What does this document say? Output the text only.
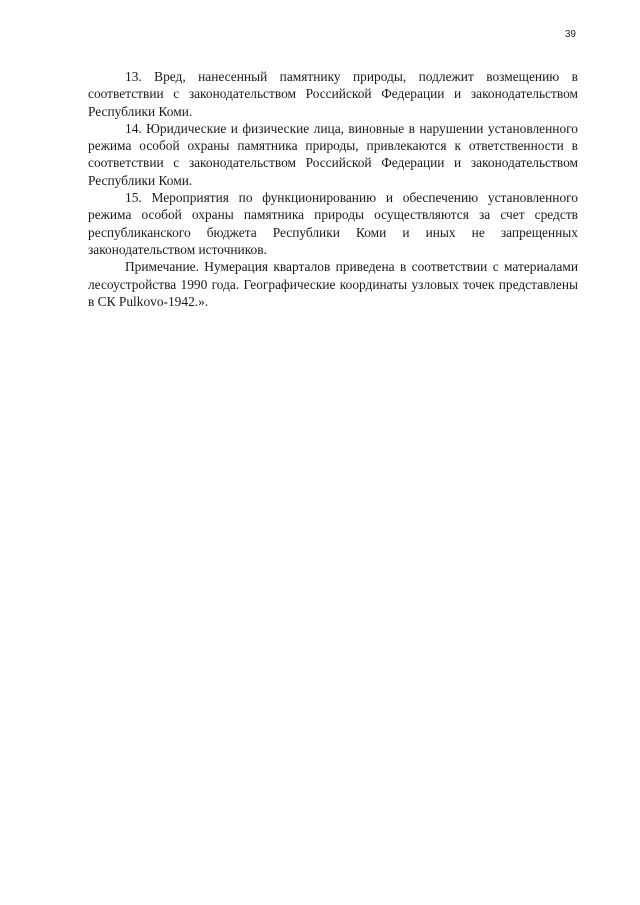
39

13. Вред, нанесенный памятнику природы, подлежит возмещению в соответствии с законодательством Российской Федерации и законодательством Республики Коми.

14. Юридические и физические лица, виновные в нарушении установленного режима особой охраны памятника природы, привлекаются к ответственности в соответствии с законодательством Российской Федерации и законодательством Республики Коми.

15. Мероприятия по функционированию и обеспечению установленного режима особой охраны памятника природы осуществляются за счет средств республиканского бюджета Республики Коми и иных не запрещенных законодательством источников.

Примечание. Нумерация кварталов приведена в соответствии с материалами лесоустройства 1990 года. Географические координаты узловых точек представлены в СК Pulkovo-1942.».
